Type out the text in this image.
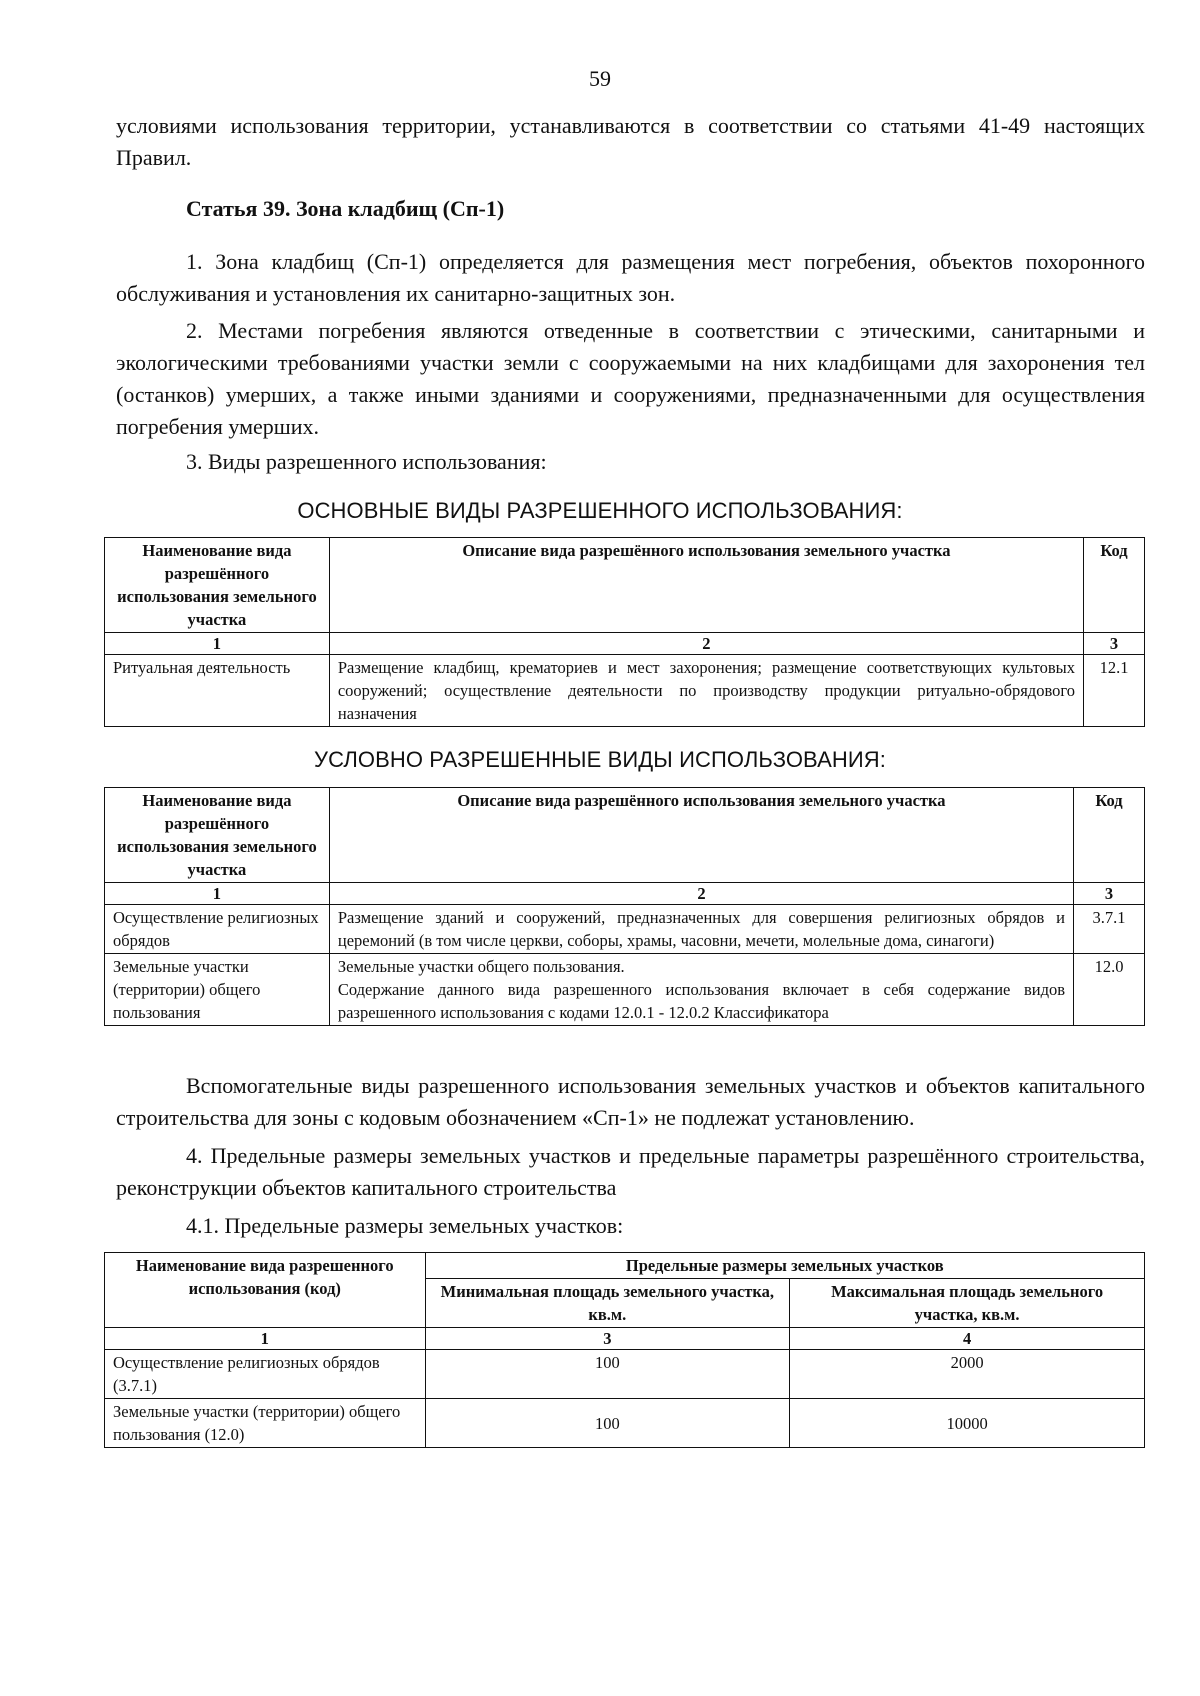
59

условиями использования территории, устанавливаются в соответствии со статьями 41-49 настоящих Правил.

Статья 39. Зона кладбищ (Сп-1)

1. Зона кладбищ (Сп-1) определяется для размещения мест погребения, объектов похоронного обслуживания и установления их санитарно-защитных зон.

2. Местами погребения являются отведенные в соответствии с этическими, санитарными и экологическими требованиями участки земли с сооружаемыми на них кладбищами для захоронения тел (останков) умерших, а также иными зданиями и сооружениями, предназначенными для осуществления погребения умерших.

3. Виды разрешенного использования:

ОСНОВНЫЕ ВИДЫ РАЗРЕШЕННОГО ИСПОЛЬЗОВАНИЯ:
Наименование вида разрешённого использования земельного участка	Описание вида разрешённого использования земельного участка	Код
1	2	3
Ритуальная деятельность	Размещение кладбищ, крематориев и мест захоронения; размещение соответствующих культовых сооружений; осуществление деятельности по производству продукции ритуально-обрядового назначения	12.1
УСЛОВНО РАЗРЕШЕННЫЕ ВИДЫ ИСПОЛЬЗОВАНИЯ:
Наименование вида разрешённого использования земельного участка	Описание вида разрешённого использования земельного участка	Код
1	2	3
Осуществление религиозных обрядов	Размещение зданий и сооружений, предназначенных для совершения религиозных обрядов и церемоний (в том числе церкви, соборы, храмы, часовни, мечети, молельные дома, синагоги)	3.7.1
Земельные участки (территории) общего пользования	Земельные участки общего пользования.
Содержание данного вида разрешенного использования включает в себя содержание видов разрешенного использования с кодами 12.0.1 - 12.0.2 Классификатора	12.0

Вспомогательные виды разрешенного использования земельных участков и объектов капитального строительства для зоны с кодовым обозначением «Сп-1» не подлежат установлению.

4. Предельные размеры земельных участков и предельные параметры разрешённого строительства, реконструкции объектов капитального строительства

4.1. Предельные размеры земельных участков:

Наименование вида разрешенного использования (код)	Предельные размеры земельных участков	
	Минимальная площадь земельного участка, кв.м.	Максимальная площадь земельного участка, кв.м.
1	3	4
Осуществление религиозных обрядов (3.7.1)	100	2000
Земельные участки (территории) общего пользования (12.0)	100	10000
